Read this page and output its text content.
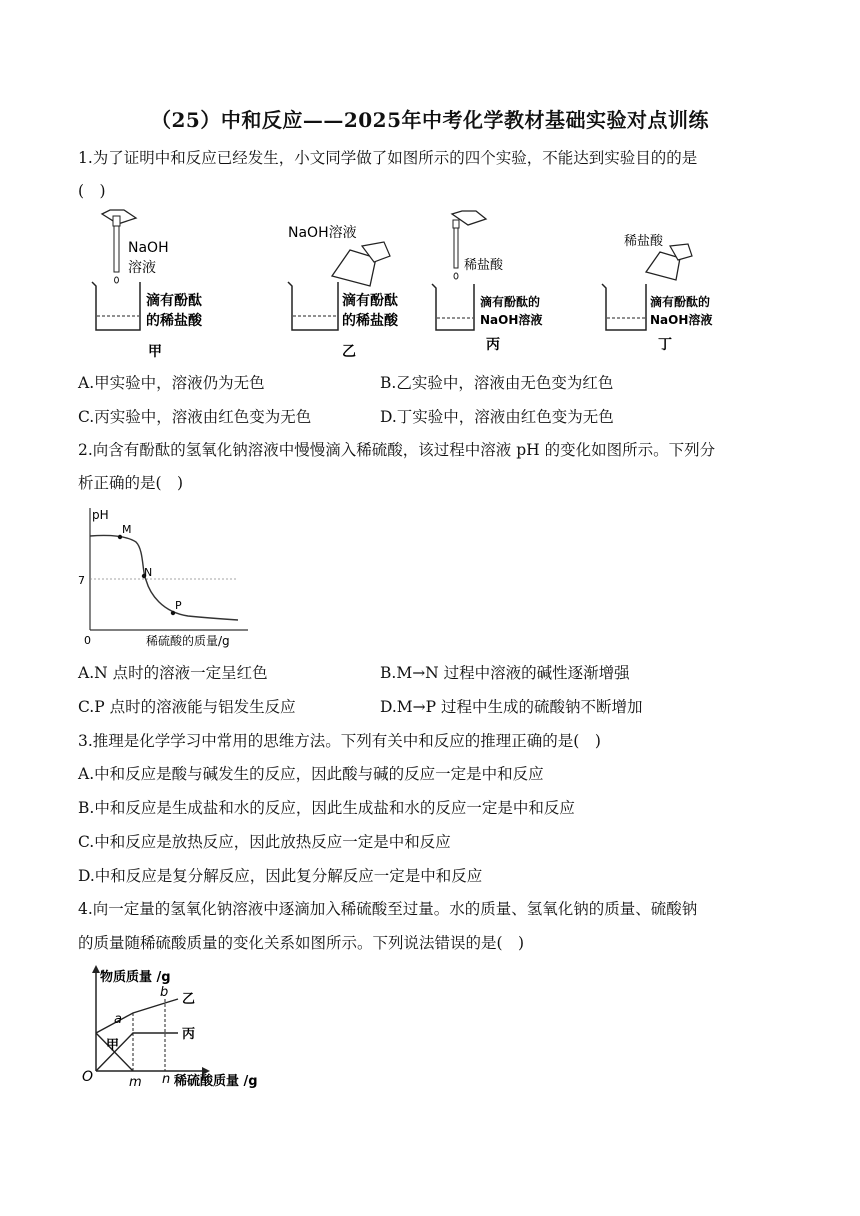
（25）中和反应——2025年中考化学教材基础实验对点训练
1.为了证明中和反应已经发生，小文同学做了如图所示的四个实验，不能达到实验目的的是
(　)
NaOH
溶液
滴有酚酞
的稀盐酸
甲
NaOH溶液
滴有酚酞
的稀盐酸
乙
稀盐酸
滴有酚酞的
NaOH溶液
丙
稀盐酸
滴有酚酞的
NaOH溶液
丁
A.甲实验中，溶液仍为无色	B.乙实验中，溶液由无色变为红色
C.丙实验中，溶液由红色变为无色	D.丁实验中，溶液由红色变为无色
2.向含有酚酞的氢氧化钠溶液中慢慢滴入稀硫酸，该过程中溶液 pH 的变化如图所示。下列分
析正确的是(　)
pH
稀硫酸的质量/g
0
7
M
N
P
A.N 点时的溶液一定呈红色	B.M→N 过程中溶液的碱性逐渐增强
C.P 点时的溶液能与铝发生反应	D.M→P 过程中生成的硫酸钠不断增加
3.推理是化学学习中常用的思维方法。下列有关中和反应的推理正确的是(　)
A.中和反应是酸与碱发生的反应，因此酸与碱的反应一定是中和反应
B.中和反应是生成盐和水的反应，因此生成盐和水的反应一定是中和反应
C.中和反应是放热反应，因此放热反应一定是中和反应
D.中和反应是复分解反应，因此复分解反应一定是中和反应
4.向一定量的氢氧化钠溶液中逐滴加入稀硫酸至过量。水的质量、氢氧化钠的质量、硫酸钠
的质量随稀硫酸质量的变化关系如图所示。下列说法错误的是(　)
物质质量 /g
稀硫酸质量 /g
O	m n
a
b 乙
丙
甲
